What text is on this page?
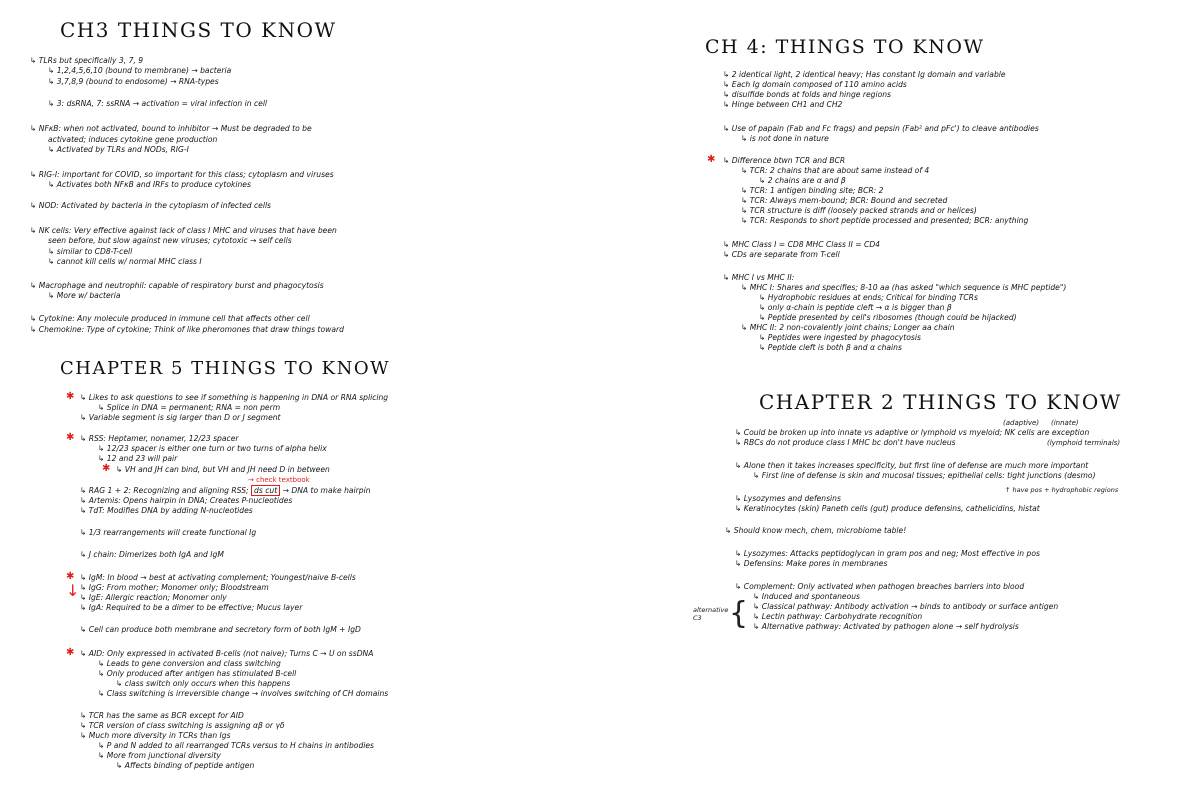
CH3 THINGS TO KNOW
↳ TLRs but specifically 3, 7, 9
↳ 1,2,4,5,6,10 (bound to membrane) → bacteria
↳ 3,7,8,9 (bound to endosome) → RNA-types
↳ 3: dsRNA, 7: ssRNA → activation = viral infection in cell
↳ NFκB: when not activated, bound to inhibitor → Must be degraded to be
activated; induces cytokine gene production
↳ Activated by TLRs and NODs, RIG-I
↳ RIG-I: important for COVID, so important for this class; cytoplasm and viruses
↳ Activates both NFκB and IRFs to produce cytokines
↳ NOD: Activated by bacteria in the cytoplasm of infected cells
↳ NK cells: Very effective against lack of class I MHC and viruses that have been
seen before, but slow against new viruses; cytotoxic → self cells
↳ similar to CD8-T-cell
↳ cannot kill cells w/ normal MHC class I
↳ Macrophage and neutrophil: capable of respiratory burst and phagocytosis
↳ More w/ bacteria
↳ Cytokine: Any molecule produced in immune cell that affects other cell
↳ Chemokine: Type of cytokine; Think of like pheromones that draw things toward
CHAPTER 5 THINGS TO KNOW
✱ ↳ Likes to ask questions to see if something is happening in DNA or RNA splicing
↳ Splice in DNA = permanent; RNA = non perm
↳ Variable segment is sig larger than D or J segment
✱ ↳ RSS: Heptamer, nonamer, 12/23 spacer
↳ 12/23 spacer is either one turn or two turns of alpha helix
↳ 12 and 23 will pair
✱ ↳ VH and JH can bind, but VH and JH need D in between
→ check textbook
↳ RAG 1 + 2: Recognizing and aligning RSS; ds cut → DNA to make hairpin
↳ Artemis: Opens hairpin in DNA; Creates P-nucleotides
↳ TdT: Modifies DNA by adding N-nucleotides
↳ 1/3 rearrangements will create functional Ig
↳ J chain: Dimerizes both IgA and IgM
✱
↓
↳ IgM: In blood → best at activating complement; Youngest/naive B-cells
↳ IgG: From mother; Monomer only; Bloodstream
↳ IgE: Allergic reaction; Monomer only
↳ IgA: Required to be a dimer to be effective; Mucus layer
↳ Cell can produce both membrane and secretory form of both IgM + IgD
✱ ↳ AID: Only expressed in activated B-cells (not naive); Turns C → U on ssDNA
↳ Leads to gene conversion and class switching
↳ Only produced after antigen has stimulated B-cell
↳ class switch only occurs when this happens
↳ Class switching is irreversible change → involves switching of CH domains
↳ TCR has the same as BCR except for AID
↳ TCR version of class switching is assigning αβ or γδ
↳ Much more diversity in TCRs than Igs
↳ P and N added to all rearranged TCRs versus to H chains in antibodies
↳ More from junctional diversity
↳ Affects binding of peptide antigen
CH 4: THINGS TO KNOW
↳ 2 identical light, 2 identical heavy; Has constant Ig domain and variable
↳ Each Ig domain composed of 110 amino acids
↳ disulfide bonds at folds and hinge regions
↳ Hinge between CH1 and CH2
↳ Use of papain (Fab and Fc frags) and pepsin (Fab² and pFc') to cleave antibodies
↳ is not done in nature
✱ ↳ Difference btwn TCR and BCR
↳ TCR: 2 chains that are about same instead of 4
↳ 2 chains are α and β
↳ TCR: 1 antigen binding site; BCR: 2
↳ TCR: Always mem-bound; BCR: Bound and secreted
↳ TCR structure is diff (loosely packed strands and or helices)
↳ TCR: Responds to short peptide processed and presented; BCR: anything
↳ MHC Class I = CD8 MHC Class II = CD4
↳ CDs are separate from T-cell
↳ MHC I vs MHC II:
↳ MHC I: Shares and specifies; 8-10 aa (has asked "which sequence is MHC peptide")
↳ Hydrophobic residues at ends; Critical for binding TCRs
↳ only α-chain is peptide cleft → α is bigger than β
↳ Peptide presented by cell's ribosomes (though could be hijacked)
↳ MHC II: 2 non-covalently joint chains; Longer aa chain
↳ Peptides were ingested by phagocytosis
↳ Peptide cleft is both β and α chains
CHAPTER 2 THINGS TO KNOW
(adaptive) (innate)
↳ Could be broken up into innate vs adaptive or lymphoid vs myeloid; NK cells are exception
↳ RBCs do not produce class I MHC bc don't have nucleus	(lymphoid terminals)
↳ Alone then it takes increases specificity, but first line of defense are much more important
↳ First line of defense is skin and mucosal tissues; epithelial cells: tight junctions (desmo)
↑ have pos + hydrophobic regions
↳ Lysozymes and defensins
↳ Keratinocytes (skin) Paneth cells (gut) produce defensins, cathelicidins, histat
↳ Should know mech, chem, microbiome table!
↳ Lysozymes: Attacks peptidoglycan in gram pos and neg; Most effective in pos
↳ Defensins: Make pores in membranes
↳ Complement: Only activated when pathogen breaches barriers into blood
↳ Induced and spontaneous
↳ Classical pathway: Antibody activation → binds to antibody or surface antigen
↳ Lectin pathway: Carbohydrate recognition
↳ Alternative pathway: Activated by pathogen alone → self hydrolysis
alternative C3 {
